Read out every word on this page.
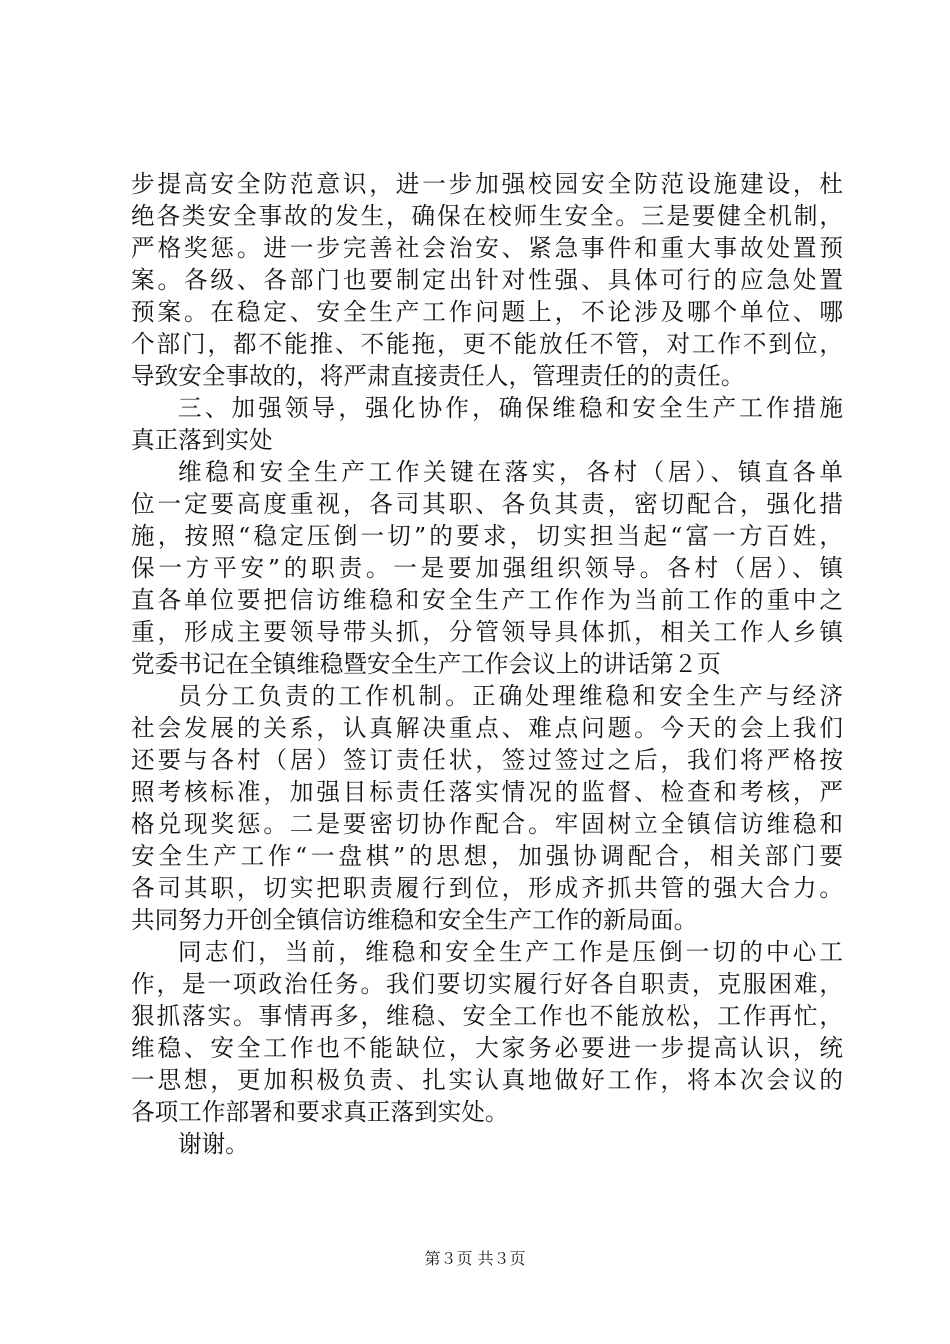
步提高安全防范意识，进一步加强校园安全防范设施建设，杜
绝各类安全事故的发生，确保在校师生安全。三是要健全机制，
严格奖惩。进一步完善社会治安、紧急事件和重大事故处置预
案。各级、各部门也要制定出针对性强、具体可行的应急处置
预案。在稳定、安全生产工作问题上，不论涉及哪个单位、哪
个部门，都不能推、不能拖，更不能放任不管，对工作不到位，
导致安全事故的，将严肃直接责任人，管理责任的的责任。
三、加强领导，强化协作，确保维稳和安全生产工作措施
真正落到实处
维稳和安全生产工作关键在落实，各村（居）、镇直各单
位一定要高度重视，各司其职、各负其责，密切配合，强化措
施，按照“稳定压倒一切”的要求，切实担当起“富一方百姓，
保一方平安”的职责。一是要加强组织领导。各村（居）、镇
直各单位要把信访维稳和安全生产工作作为当前工作的重中之
重，形成主要领导带头抓，分管领导具体抓，相关工作人乡镇
党委书记在全镇维稳暨安全生产工作会议上的讲话第２页
员分工负责的工作机制。正确处理维稳和安全生产与经济
社会发展的关系，认真解决重点、难点问题。今天的会上我们
还要与各村（居）签订责任状，签过签过之后，我们将严格按
照考核标准，加强目标责任落实情况的监督、检查和考核，严
格兑现奖惩。二是要密切协作配合。牢固树立全镇信访维稳和
安全生产工作“一盘棋”的思想，加强协调配合，相关部门要
各司其职，切实把职责履行到位，形成齐抓共管的强大合力。
共同努力开创全镇信访维稳和安全生产工作的新局面。
同志们，当前，维稳和安全生产工作是压倒一切的中心工
作，是一项政治任务。我们要切实履行好各自职责，克服困难，
狠抓落实。事情再多，维稳、安全工作也不能放松，工作再忙，
维稳、安全工作也不能缺位，大家务必要进一步提高认识，统
一思想，更加积极负责、扎实认真地做好工作，将本次会议的
各项工作部署和要求真正落到实处。
谢谢。
第３页 共３页
